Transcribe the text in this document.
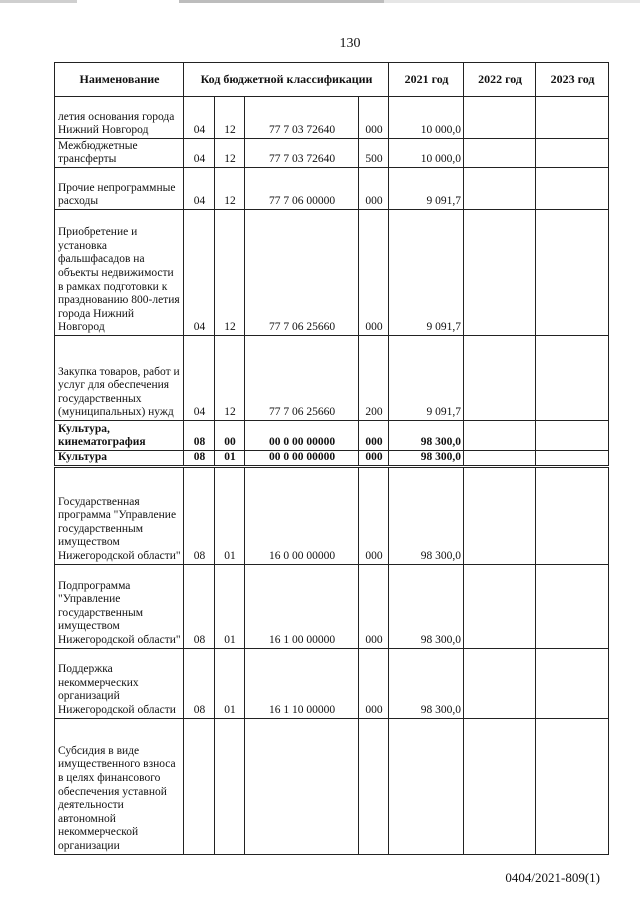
130
Наименование	Код бюджетной классификации				2021 год	2022 год	2023 год
летия основания города Нижний Новгород	04	12	77 7 03 72640	000	10 000,0		
Межбюджетные трансферты	04	12	77 7 03 72640	500	10 000,0		
Прочие непрограммные расходы	04	12	77 7 06 00000	000	9 091,7		
Приобретение и установка фальшфасадов на объекты недвижимости в рамках подготовки к празднованию 800-летия города Нижний Новгород	04	12	77 7 06 25660	000	9 091,7		
Закупка товаров, работ и услуг для обеспечения государственных (муниципальных) нужд	04	12	77 7 06 25660	200	9 091,7		
Культура, кинематография	08	00	00 0 00 00000	000	98 300,0		
Культура	08	01	00 0 00 00000	000	98 300,0		
Государственная программа "Управление государственным имуществом Нижегородской области"	08	01	16 0 00 00000	000	98 300,0		
Подпрограмма "Управление государственным имуществом Нижегородской области"	08	01	16 1 00 00000	000	98 300,0		
Поддержка некоммерческих организаций Нижегородской области	08	01	16 1 10 00000	000	98 300,0		
Субсидия в виде имущественного взноса в целях финансового обеспечения уставной деятельности автономной некоммерческой организации							
0404/2021-809(1)
